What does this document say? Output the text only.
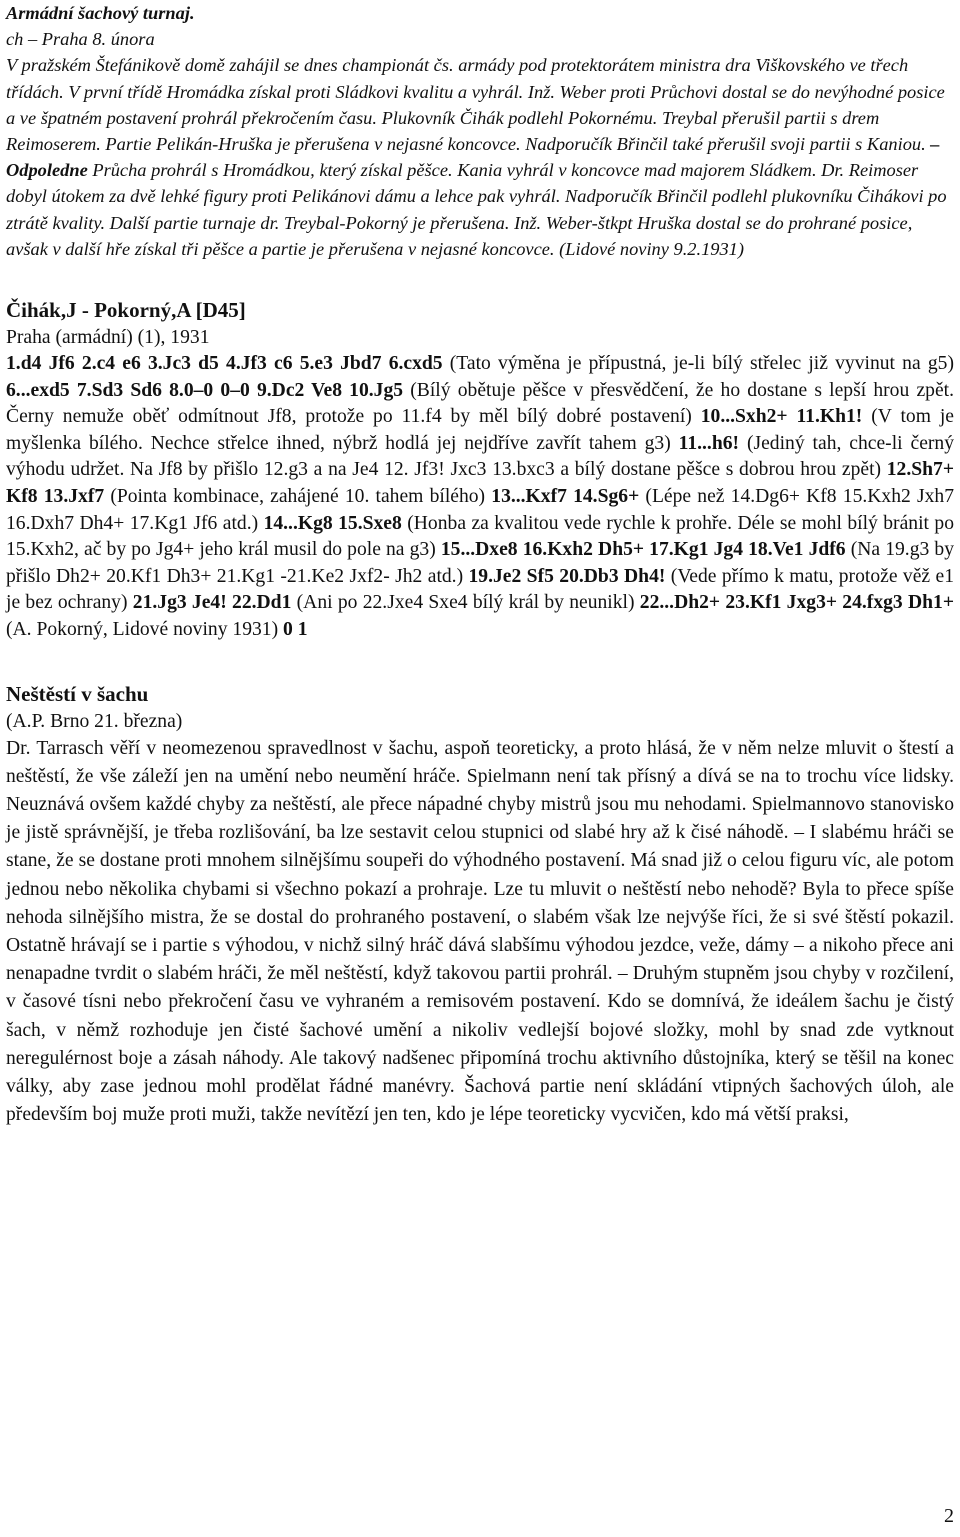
Armádní šachový turnaj.
ch – Praha 8. února
V pražském Štefánikově domě zahájil se dnes championát čs. armády pod protektorátem ministra dra Viškovského ve třech třídách. V první třídě Hromádka získal proti Sládkovi kvalitu a vyhrál. Inž. Weber proti Průchovi dostal se do nevýhodné posice a ve špatném postavení prohrál překročením času. Plukovník Čihák podlehl Pokornému. Treybal přerušil partii s drem Reimoserem. Partie Pelikán-Hruška je přerušena v nejasné koncovce. Nadporučík Břinčil také přerušil svoji partii s Kaniou. – Odpoledne Průcha prohrál s Hromádkou, který získal pěšce. Kania vyhrál v koncovce mad majorem Sládkem. Dr. Reimoser dobyl útokem za dvě lehké figury proti Pelikánovi dámu a lehce pak vyhrál. Nadporučík Břinčil podlehl plukovníku Čihákovi po ztrátě kvality. Další partie turnaje dr. Treybal-Pokorný je přerušena. Inž. Weber-štkpt Hruška dostal se do prohrané posice, avšak v další hře získal tři pěšce a partie je přerušena v nejasné koncovce. (Lidové noviny 9.2.1931)
Čihák,J - Pokorný,A [D45]
Praha (armádní) (1), 1931
1.d4 Jf6 2.c4 e6 3.Jc3 d5 4.Jf3 c6 5.e3 Jbd7 6.cxd5 (Tato výměna je přípustná, je-li bílý střelec již vyvinut na g5) 6...exd5 7.Sd3 Sd6 8.0–0 0–0 9.Dc2 Ve8 10.Jg5 (Bílý obětuje pěšce v přesvědčení, že ho dostane s lepší hrou zpět. Černy nemuže oběť odmítnout Jf8, protože po 11.f4 by měl bílý dobré postavení) 10...Sxh2+ 11.Kh1! (V tom je myšlenka bílého. Nechce střelce ihned, nýbrž hodlá jej nejdříve zavřít tahem g3) 11...h6! (Jediný tah, chce-li černý výhodu udržet. Na Jf8 by přišlo 12.g3 a na Je4 12. Jf3! Jxc3 13.bxc3 a bílý dostane pěšce s dobrou hrou zpět) 12.Sh7+ Kf8 13.Jxf7 (Pointa kombinace, zahájené 10. tahem bílého) 13...Kxf7 14.Sg6+ (Lépe než 14.Dg6+ Kf8 15.Kxh2 Jxh7 16.Dxh7 Dh4+ 17.Kg1 Jf6 atd.) 14...Kg8 15.Sxe8 (Honba za kvalitou vede rychle k prohře. Déle se mohl bílý bránit po 15.Kxh2, ač by po Jg4+ jeho král musil do pole na g3) 15...Dxe8 16.Kxh2 Dh5+ 17.Kg1 Jg4 18.Ve1 Jdf6 (Na 19.g3 by přišlo Dh2+ 20.Kf1 Dh3+ 21.Kg1 -21.Ke2 Jxf2- Jh2 atd.) 19.Je2 Sf5 20.Db3 Dh4! (Vede přímo k matu, protože věž e1 je bez ochrany) 21.Jg3 Je4! 22.Dd1 (Ani po 22.Jxe4 Sxe4 bílý král by neunikl) 22...Dh2+ 23.Kf1 Jxg3+ 24.fxg3 Dh1+ (A. Pokorný, Lidové noviny 1931) 0 1
Neštěstí v šachu
(A.P. Brno 21. března)
Dr. Tarrasch věří v neomezenou spravedlnost v šachu, aspoň teoreticky, a proto hlásá, že v něm nelze mluvit o štestí a neštěstí, že vše záleží jen na umění nebo neumění hráče. Spielmann není tak přísný a dívá se na to trochu více lidsky. Neuznává ovšem každé chyby za neštěstí, ale přece nápadné chyby mistrů jsou mu nehodami. Spielmannovo stanovisko je jistě správnější, je třeba rozlišování, ba lze sestavit celou stupnici od slabé hry až k čisé náhodě. – I slabému hráči se stane, že se dostane proti mnohem silnějšímu soupeři do výhodného postavení. Má snad již o celou figuru víc, ale potom jednou nebo několika chybami si všechno pokazí a prohraje. Lze tu mluvit o neštěstí nebo nehodě? Byla to přece spíše nehoda silnějšího mistra, že se dostal do prohraného postavení, o slabém však lze nejvýše říci, že si své štěstí pokazil. Ostatně hrávají se i partie s výhodou, v nichž silný hráč dává slabšímu výhodou jezdce, veže, dámy – a nikoho přece ani nenapadne tvrdit o slabém hráči, že měl neštěstí, když takovou partii prohrál. – Druhým stupněm jsou chyby v rozčilení, v časové tísni nebo překročení času ve vyhraném a remisovém postavení. Kdo se domnívá, že ideálem šachu je čistý šach, v němž rozhoduje jen čisté šachové umění a nikoliv vedlejší bojové složky, mohl by snad zde vytknout neregulérnost boje a zásah náhody. Ale takový nadšenec připomíná trochu aktivního důstojníka, který se těšil na konec války, aby zase jednou mohl prodělat řádné manévry. Šachová partie není skládání vtipných šachových úloh, ale především boj muže proti muži, takže nevítězí jen ten, kdo je lépe teoreticky vycvičen, kdo má větší praksi,
2
